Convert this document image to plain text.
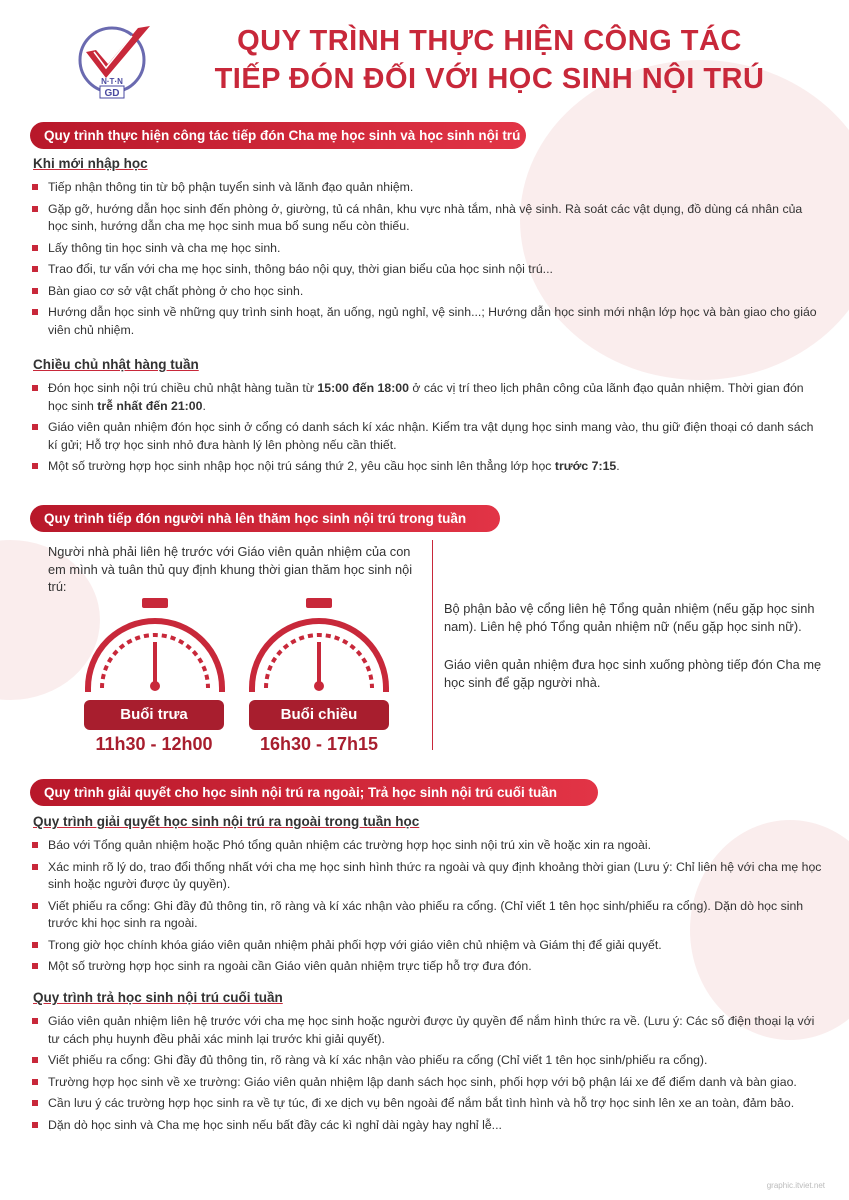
N·T·N
GD
QUY TRÌNH THỰC HIỆN CÔNG TÁC
TIẾP ĐÓN ĐỐI VỚI HỌC SINH NỘI TRÚ
Quy trình thực hiện công tác tiếp đón Cha mẹ học sinh và học sinh nội trú
Khi mới nhập học
Tiếp nhận thông tin từ bộ phận tuyển sinh và lãnh đạo quản nhiệm.
Gặp gỡ, hướng dẫn học sinh đến phòng ở, giường, tủ cá nhân, khu vực nhà tắm, nhà vệ sinh. Rà soát các vật dụng, đồ dùng cá nhân của học sinh, hướng dẫn cha mẹ học sinh mua bổ sung nếu còn thiếu.
Lấy thông tin học sinh và cha mẹ học sinh.
Trao đổi, tư vấn với cha mẹ học sinh, thông báo nội quy, thời gian biểu của học sinh nội trú...
Bàn giao cơ sở vật chất phòng ở cho học sinh.
Hướng dẫn học sinh về những quy trình sinh hoạt, ăn uống, ngủ nghỉ, vệ sinh...; Hướng dẫn học sinh mới nhận lớp học và bàn giao cho giáo viên chủ nhiệm.
Chiều chủ nhật hàng tuần
Đón học sinh nội trú chiều chủ nhật hàng tuần từ 15:00 đến 18:00 ở các vị trí theo lịch phân công của lãnh đạo quản nhiệm. Thời gian đón học sinh trễ nhất đến 21:00.
Giáo viên quản nhiệm đón học sinh ở cổng có danh sách kí xác nhận. Kiểm tra vật dụng học sinh mang vào, thu giữ điện thoại có danh sách kí gửi; Hỗ trợ học sinh nhỏ đưa hành lý lên phòng nếu cần thiết.
Một số trường hợp học sinh nhập học nội trú sáng thứ 2, yêu cầu học sinh lên thẳng lớp học trước 7:15.
Quy trình tiếp đón người nhà lên thăm học sinh nội trú trong tuần
Người nhà phải liên hệ trước với Giáo viên quản nhiệm của con em mình và tuân thủ quy định khung thời gian thăm học sinh nội trú:
Buổi trưa
11h30 - 12h00
Buổi chiều
16h30 - 17h15
Bộ phận bảo vệ cổng liên hệ Tổng quản nhiệm (nếu gặp học sinh nam). Liên hệ phó Tổng quản nhiệm nữ (nếu gặp học sinh nữ).
Giáo viên quản nhiệm đưa học sinh xuống phòng tiếp đón Cha mẹ học sinh để gặp người nhà.
Quy trình giải quyết cho học sinh nội trú ra ngoài; Trả học sinh nội trú cuối tuần
Quy trình giải quyết học sinh nội trú ra ngoài trong tuần học
Báo với Tổng quản nhiệm hoặc Phó tổng quản nhiệm các trường hợp học sinh nội trú xin về hoặc xin ra ngoài.
Xác minh rõ lý do, trao đổi thống nhất với cha mẹ học sinh hình thức ra ngoài và quy định khoảng thời gian (Lưu ý: Chỉ liên hệ với cha mẹ học sinh hoặc người được ủy quyền).
Viết phiếu ra cổng: Ghi đầy đủ thông tin, rõ ràng và kí xác nhận vào phiếu ra cổng. (Chỉ viết 1 tên học sinh/phiếu ra cổng). Dặn dò học sinh trước khi học sinh ra ngoài.
Trong giờ học chính khóa giáo viên quản nhiệm phải phối hợp với giáo viên chủ nhiệm và Giám thị để giải quyết.
Một số trường hợp học sinh ra ngoài cần Giáo viên quản nhiệm trực tiếp hỗ trợ đưa đón.
Quy trình trả học sinh nội trú cuối tuần
Giáo viên quản nhiệm liên hệ trước với cha mẹ học sinh hoặc người được ủy quyền để nắm hình thức ra về. (Lưu ý: Các số điện thoại lạ với tư cách phụ huynh đều phải xác minh lại trước khi giải quyết).
Viết phiếu ra cổng: Ghi đầy đủ thông tin, rõ ràng và kí xác nhận vào phiếu ra cổng (Chỉ viết 1 tên học sinh/phiếu ra cổng).
Trường hợp học sinh về xe trường: Giáo viên quản nhiệm lập danh sách học sinh, phối hợp với bộ phận lái xe để điểm danh và bàn giao.
Cần lưu ý các trường hợp học sinh ra về tự túc, đi xe dịch vụ bên ngoài để nắm bắt tình hình và hỗ trợ học sinh lên xe an toàn, đảm bảo.
Dặn dò học sinh và Cha mẹ học sinh nếu bất đầy các kì nghỉ dài ngày hay nghỉ lễ...
graphic.itviet.net
